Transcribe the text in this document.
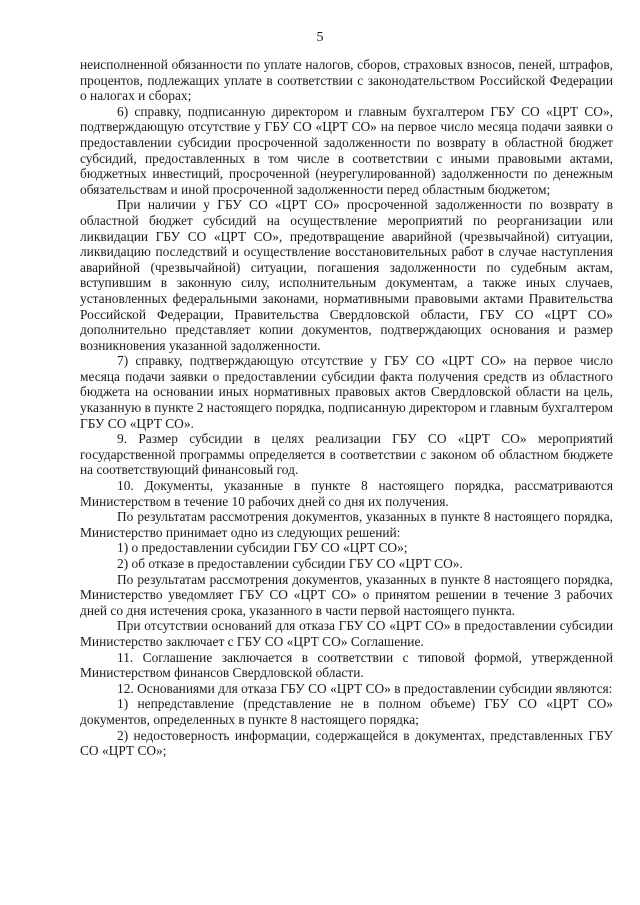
5

неисполненной обязанности по уплате налогов, сборов, страховых взносов, пеней, штрафов, процентов, подлежащих уплате в соответствии с законодательством Российской Федерации о налогах и сборах;

6) справку, подписанную директором и главным бухгалтером ГБУ СО «ЦРТ СО», подтверждающую отсутствие у ГБУ СО «ЦРТ СО» на первое число месяца подачи заявки о предоставлении субсидии просроченной задолженности по возврату в областной бюджет субсидий, предоставленных в том числе в соответствии с иными правовыми актами, бюджетных инвестиций, просроченной (неурегулированной) задолженности по денежным обязательствам и иной просроченной задолженности перед областным бюджетом;

При наличии у ГБУ СО «ЦРТ СО» просроченной задолженности по возврату в областной бюджет субсидий на осуществление мероприятий по реорганизации или ликвидации ГБУ СО «ЦРТ СО», предотвращение аварийной (чрезвычайной) ситуации, ликвидацию последствий и осуществление восстановительных работ в случае наступления аварийной (чрезвычайной) ситуации, погашения задолженности по судебным актам, вступившим в законную силу, исполнительным документам, а также иных случаев, установленных федеральными законами, нормативными правовыми актами Правительства Российской Федерации, Правительства Свердловской области, ГБУ СО «ЦРТ СО» дополнительно представляет копии документов, подтверждающих основания и размер возникновения указанной задолженности.

7) справку, подтверждающую отсутствие у ГБУ СО «ЦРТ СО» на первое число месяца подачи заявки о предоставлении субсидии факта получения средств из областного бюджета на основании иных нормативных правовых актов Свердловской области на цель, указанную в пункте 2 настоящего порядка, подписанную директором и главным бухгалтером ГБУ СО «ЦРТ СО».

9. Размер субсидии в целях реализации ГБУ СО «ЦРТ СО» мероприятий государственной программы определяется в соответствии с законом об областном бюджете на соответствующий финансовый год.

10. Документы, указанные в пункте 8 настоящего порядка, рассматриваются Министерством в течение 10 рабочих дней со дня их получения.

По результатам рассмотрения документов, указанных в пункте 8 настоящего порядка, Министерство принимает одно из следующих решений:

1) о предоставлении субсидии ГБУ СО «ЦРТ СО»;

2) об отказе в предоставлении субсидии ГБУ СО «ЦРТ СО».

По результатам рассмотрения документов, указанных в пункте 8 настоящего порядка, Министерство уведомляет ГБУ СО «ЦРТ СО» о принятом решении в течение 3 рабочих дней со дня истечения срока, указанного в части первой настоящего пункта.

При отсутствии оснований для отказа ГБУ СО «ЦРТ СО» в предоставлении субсидии Министерство заключает с ГБУ СО «ЦРТ СО» Соглашение.

11. Соглашение заключается в соответствии с типовой формой, утвержденной Министерством финансов Свердловской области.

12. Основаниями для отказа ГБУ СО «ЦРТ СО» в предоставлении субсидии являются:

1) непредставление (представление не в полном объеме) ГБУ СО «ЦРТ СО» документов, определенных в пункте 8 настоящего порядка;

2) недостоверность информации, содержащейся в документах, представленных ГБУ СО «ЦРТ СО»;
